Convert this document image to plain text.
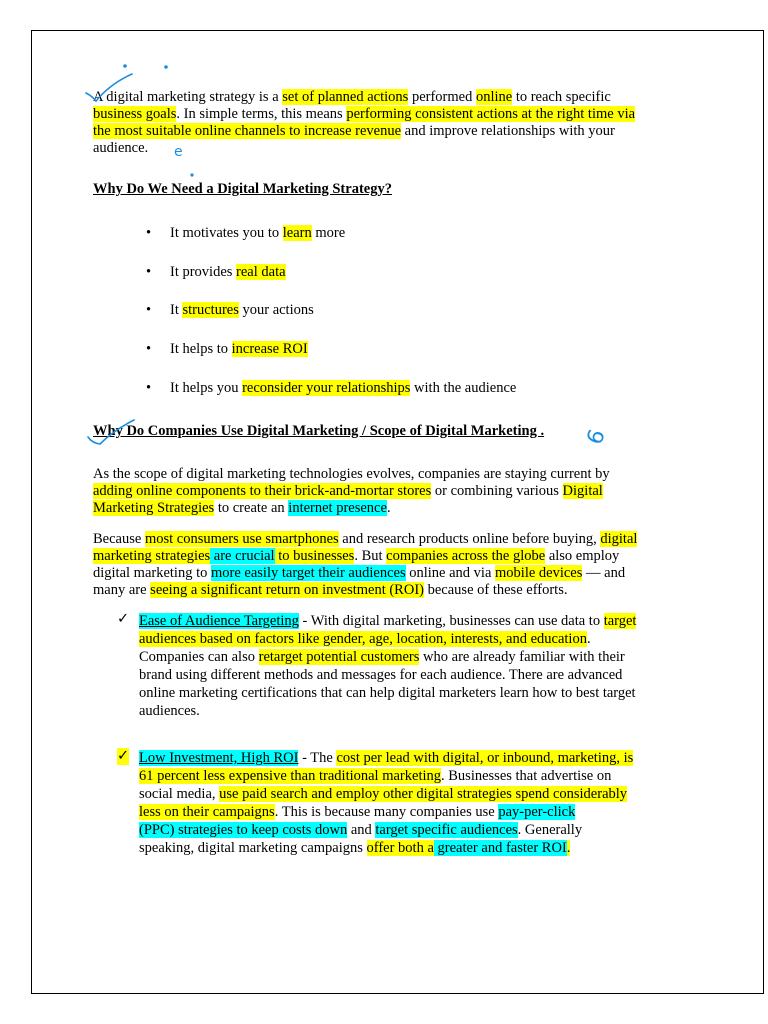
A digital marketing strategy is a set of planned actions performed online to reach specific
business goals. In simple terms, this means performing consistent actions at the right time via
the most suitable online channels to increase revenue and improve relationships with your
audience.
Why Do We Need a Digital Marketing Strategy?
• It motivates you to learn more
• It provides real data
• It structures your actions
• It helps to increase ROI
• It helps you reconsider your relationships with the audience
Why Do Companies Use Digital Marketing / Scope of Digital Marketing .
As the scope of digital marketing technologies evolves, companies are staying current by
adding online components to their brick-and-mortar stores or combining various Digital
Marketing Strategies to create an internet presence.
Because most consumers use smartphones and research products online before buying, digital
marketing strategies are crucial to businesses. But companies across the globe also employ
digital marketing to more easily target their audiences online and via mobile devices — and
many are seeing a significant return on investment (ROI) because of these efforts.
✓ Ease of Audience Targeting - With digital marketing, businesses can use data to target
audiences based on factors like gender, age, location, interests, and education.
Companies can also retarget potential customers who are already familiar with their
brand using different methods and messages for each audience. There are advanced
online marketing certifications that can help digital marketers learn how to best target
audiences.
✓ Low Investment, High ROI - The cost per lead with digital, or inbound, marketing, is
61 percent less expensive than traditional marketing. Businesses that advertise on
social media, use paid search and employ other digital strategies spend considerably
less on their campaigns. This is because many companies use pay-per-click
(PPC) strategies to keep costs down and target specific audiences. Generally
speaking, digital marketing campaigns offer both a greater and faster ROI.
e
6
